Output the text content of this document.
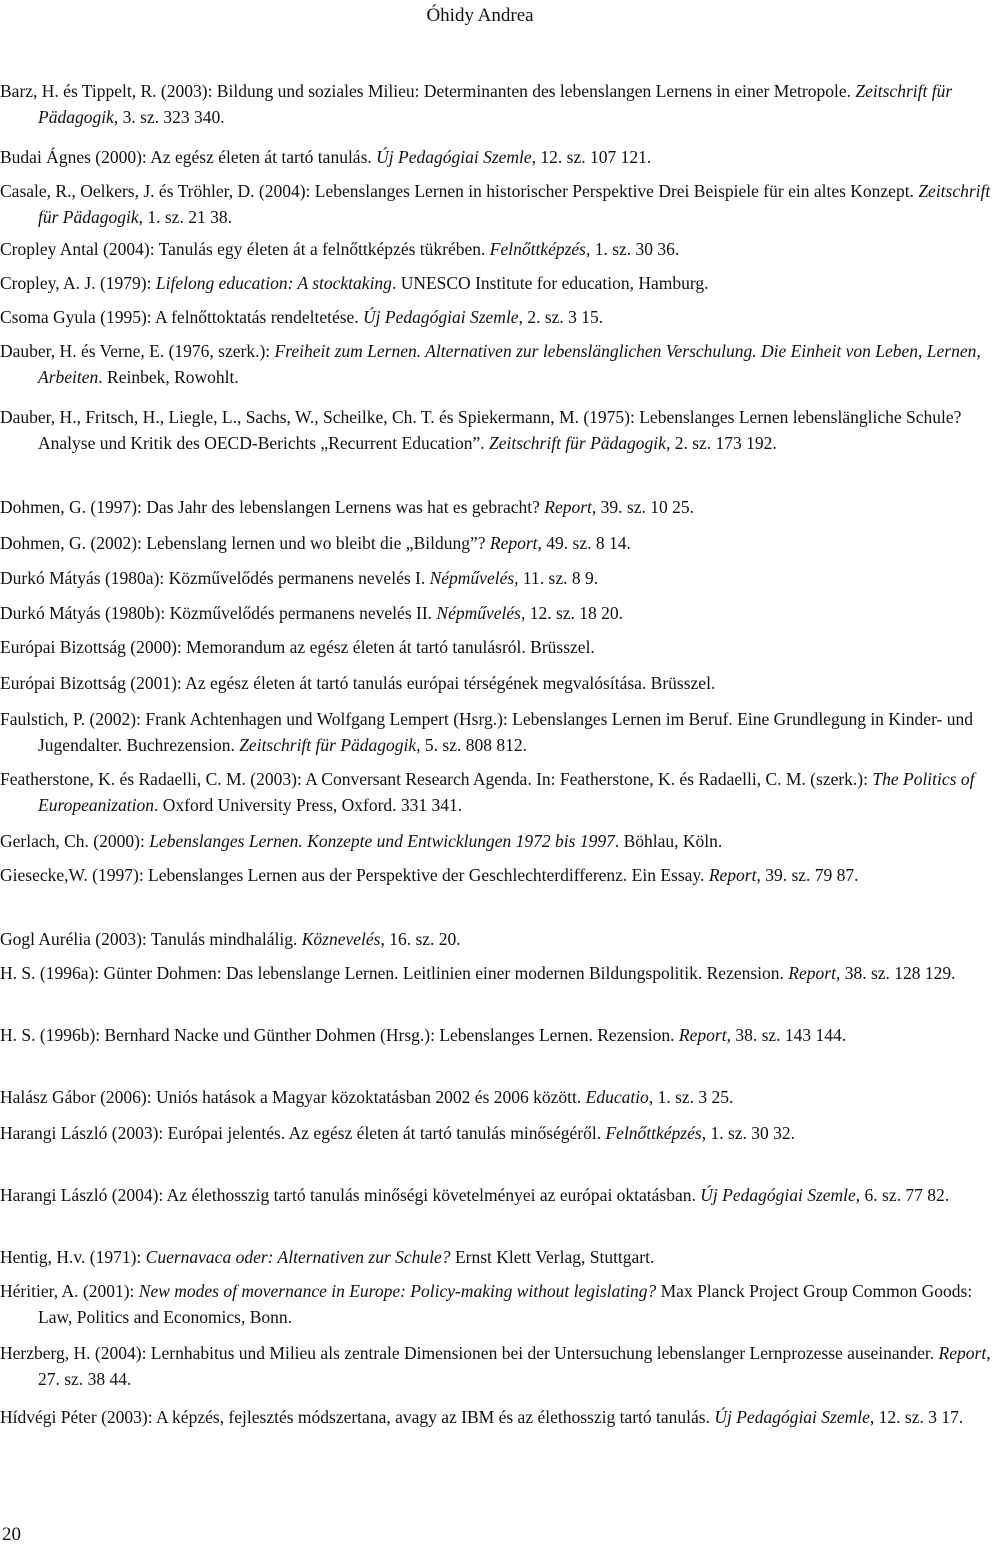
Óhidy Andrea

Barz, H. és Tippelt, R. (2003): Bildung und soziales Milieu: Determinanten des lebenslangen Lernens in einer Metropole. Zeitschrift für Pädagogik, 3. sz. 323 340.

Budai Ágnes (2000): Az egész életen át tartó tanulás. Új Pedagógiai Szemle, 12. sz. 107 121.

Casale, R., Oelkers, J. és Tröhler, D. (2004): Lebenslanges Lernen in historischer Perspektive Drei Beispiele für ein altes Konzept. Zeitschrift für Pädagogik, 1. sz. 21 38.

Cropley Antal (2004): Tanulás egy életen át a felnőttképzés tükrében. Felnőttképzés, 1. sz. 30 36.

Cropley, A. J. (1979): Lifelong education: A stocktaking. UNESCO Institute for education, Hamburg.

Csoma Gyula (1995): A felnőttoktatás rendeltetése. Új Pedagógiai Szemle, 2. sz. 3 15.

Dauber, H. és Verne, E. (1976, szerk.): Freiheit zum Lernen. Alternativen zur lebenslänglichen Verschulung. Die Einheit von Leben, Lernen, Arbeiten. Reinbek, Rowohlt.

Dauber, H., Fritsch, H., Liegle, L., Sachs, W., Scheilke, Ch. T. és Spiekermann, M. (1975): Lebenslanges Lernen lebenslängliche Schule? Analyse und Kritik des OECD-Berichts „Recurrent Education”. Zeitschrift für Pädagogik, 2. sz. 173 192.

Dohmen, G. (1997): Das Jahr des lebenslangen Lernens was hat es gebracht? Report, 39. sz. 10 25.

Dohmen, G. (2002): Lebenslang lernen und wo bleibt die „Bildung”? Report, 49. sz. 8 14.

Durkó Mátyás (1980a): Közművelődés permanens nevelés I. Népművelés, 11. sz. 8 9.

Durkó Mátyás (1980b): Közművelődés permanens nevelés II. Népművelés, 12. sz. 18 20.

Európai Bizottság (2000): Memorandum az egész életen át tartó tanulásról. Brüsszel.

Európai Bizottság (2001): Az egész életen át tartó tanulás európai térségének megvalósítása. Brüsszel.

Faulstich, P. (2002): Frank Achtenhagen und Wolfgang Lempert (Hsrg.): Lebenslanges Lernen im Beruf. Eine Grundlegung in Kinder- und Jugendalter. Buchrezension. Zeitschrift für Pädagogik, 5. sz. 808 812.

Featherstone, K. és Radaelli, C. M. (2003): A Conversant Research Agenda. In: Featherstone, K. és Radaelli, C. M. (szerk.): The Politics of Europeanization. Oxford University Press, Oxford. 331 341.

Gerlach, Ch. (2000): Lebenslanges Lernen. Konzepte und Entwicklungen 1972 bis 1997. Böhlau, Köln.

Giesecke,W. (1997): Lebenslanges Lernen aus der Perspektive der Geschlechterdifferenz. Ein Essay. Report, 39. sz. 79 87.

Gogl Aurélia (2003): Tanulás mindhalálig. Köznevelés, 16. sz. 20.

H. S. (1996a): Günter Dohmen: Das lebenslange Lernen. Leitlinien einer modernen Bildungspolitik. Rezension. Report, 38. sz. 128 129.

H. S. (1996b): Bernhard Nacke und Günther Dohmen (Hrsg.): Lebenslanges Lernen. Rezension. Report, 38. sz. 143 144.

Halász Gábor (2006): Uniós hatások a Magyar közoktatásban 2002 és 2006 között. Educatio, 1. sz. 3 25.

Harangi László (2003): Európai jelentés. Az egész életen át tartó tanulás minőségéről. Felnőttképzés, 1. sz. 30 32.

Harangi László (2004): Az élethosszig tartó tanulás minőségi követelményei az európai oktatásban. Új Pedagógiai Szemle, 6. sz. 77 82.

Hentig, H.v. (1971): Cuernavaca oder: Alternativen zur Schule? Ernst Klett Verlag, Stuttgart.

Héritier, A. (2001): New modes of movernance in Europe: Policy-making without legislating? Max Planck Project Group Common Goods: Law, Politics and Economics, Bonn.

Herzberg, H. (2004): Lernhabitus und Milieu als zentrale Dimensionen bei der Untersuchung lebenslanger Lernprozesse auseinander. Report, 27. sz. 38 44.

Hídvégi Péter (2003): A képzés, fejlesztés módszertana, avagy az IBM és az élethosszig tartó tanulás. Új Pedagógiai Szemle, 12. sz. 3 17.

20
